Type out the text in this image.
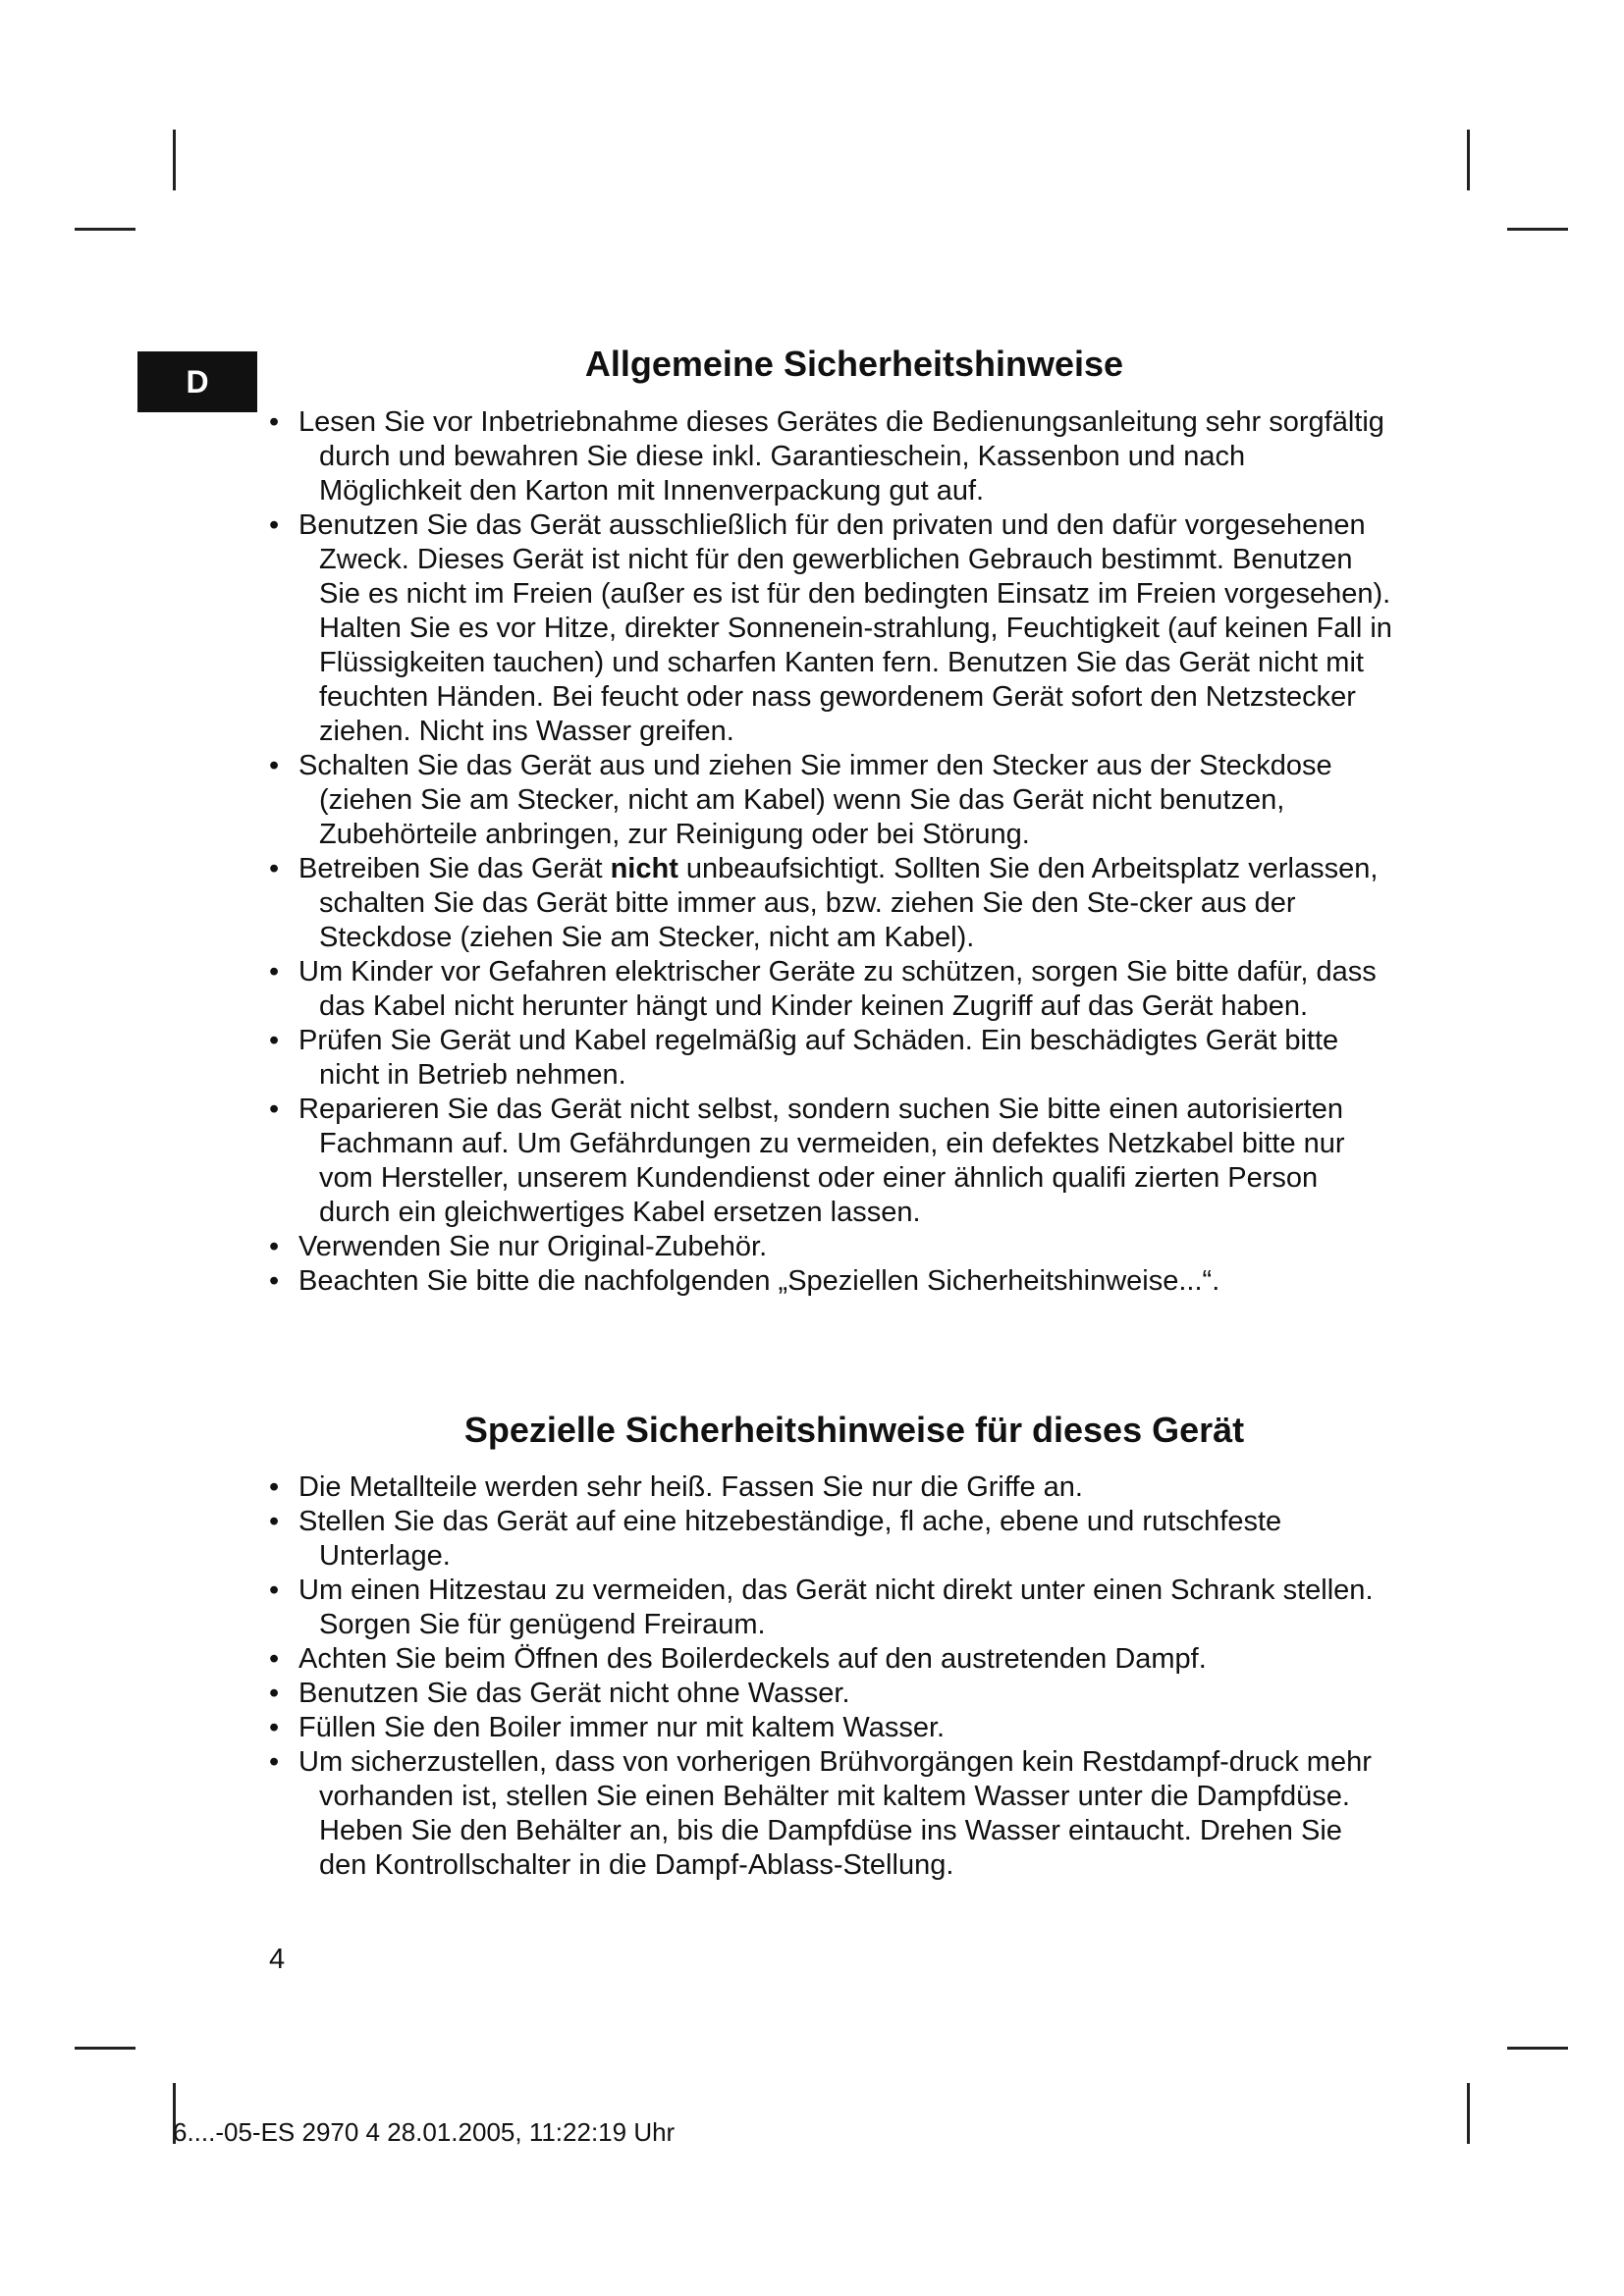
D	Allgemeine Sicherheitshinweise
• Lesen Sie vor Inbetriebnahme dieses Gerätes die Bedienungsanleitung sehr sorgfältig durch und bewahren Sie diese inkl. Garantieschein, Kassenbon und nach Möglichkeit den Karton mit Innenverpackung gut auf.
• Benutzen Sie das Gerät ausschließlich für den privaten und den dafür vorgesehenen Zweck. Dieses Gerät ist nicht für den gewerblichen Gebrauch bestimmt. Benutzen Sie es nicht im Freien (außer es ist für den bedingten Einsatz im Freien vorgesehen). Halten Sie es vor Hitze, direkter Sonnenein-strahlung, Feuchtigkeit (auf keinen Fall in Flüssigkeiten tauchen) und scharfen Kanten fern. Benutzen Sie das Gerät nicht mit feuchten Händen. Bei feucht oder nass gewordenem Gerät sofort den Netzstecker ziehen. Nicht ins Wasser greifen.
• Schalten Sie das Gerät aus und ziehen Sie immer den Stecker aus der Steckdose (ziehen Sie am Stecker, nicht am Kabel) wenn Sie das Gerät nicht benutzen, Zubehörteile anbringen, zur Reinigung oder bei Störung.
• Betreiben Sie das Gerät nicht unbeaufsichtigt. Sollten Sie den Arbeitsplatz verlassen, schalten Sie das Gerät bitte immer aus, bzw. ziehen Sie den Ste-cker aus der Steckdose (ziehen Sie am Stecker, nicht am Kabel).
• Um Kinder vor Gefahren elektrischer Geräte zu schützen, sorgen Sie bitte dafür, dass das Kabel nicht herunter hängt und Kinder keinen Zugriff auf das Gerät haben.
• Prüfen Sie Gerät und Kabel regelmäßig auf Schäden. Ein beschädigtes Gerät bitte nicht in Betrieb nehmen.
• Reparieren Sie das Gerät nicht selbst, sondern suchen Sie bitte einen autorisierten Fachmann auf. Um Gefährdungen zu vermeiden, ein defektes Netzkabel bitte nur vom Hersteller, unserem Kundendienst oder einer ähnlich qualifi zierten Person durch ein gleichwertiges Kabel ersetzen lassen.
• Verwenden Sie nur Original-Zubehör.
• Beachten Sie bitte die nachfolgenden „Speziellen Sicherheitshinweise...“.
Spezielle Sicherheitshinweise für dieses Gerät
• Die Metallteile werden sehr heiß. Fassen Sie nur die Griffe an.
• Stellen Sie das Gerät auf eine hitzebeständige, fl ache, ebene und rutschfeste Unterlage.
• Um einen Hitzestau zu vermeiden, das Gerät nicht direkt unter einen Schrank stellen. Sorgen Sie für genügend Freiraum.
• Achten Sie beim Öffnen des Boilerdeckels auf den austretenden Dampf.
• Benutzen Sie das Gerät nicht ohne Wasser.
• Füllen Sie den Boiler immer nur mit kaltem Wasser.
• Um sicherzustellen, dass von vorherigen Brühvorgängen kein Restdampf-druck mehr vorhanden ist, stellen Sie einen Behälter mit kaltem Wasser unter die Dampfdüse. Heben Sie den Behälter an, bis die Dampfdüse ins Wasser eintaucht. Drehen Sie den Kontrollschalter in die Dampf-Ablass-Stellung.
4
6....-05-ES 2970 4 28.01.2005, 11:22:19 Uhr
